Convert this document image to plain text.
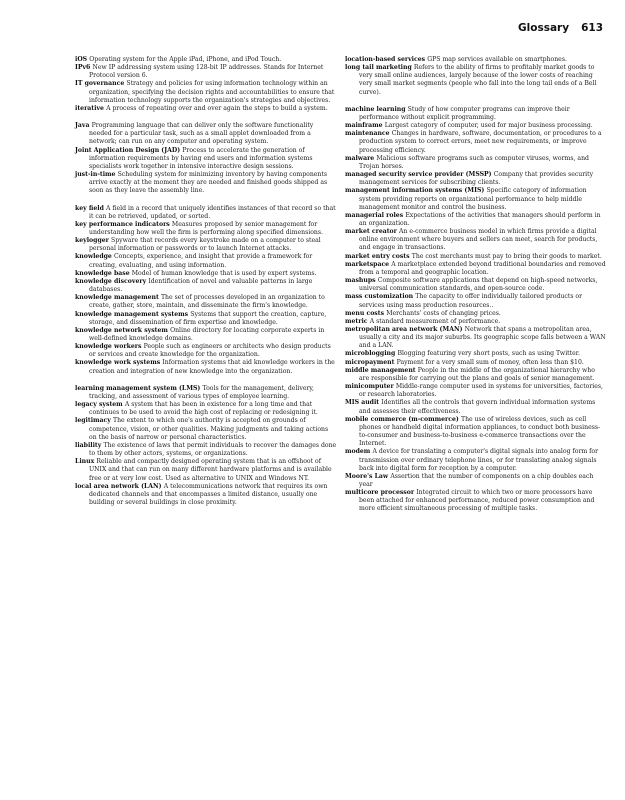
Glossary 613

iOS Operating system for the Apple iPad, iPhone, and iPod Touch.

IPv6 New IP addressing system using 128-bit IP addresses. Stands for Internet Protocol version 6.

IT governance Strategy and policies for using information technology within an organization, specifying the decision rights and accountabilities to ensure that information technology supports the organization's strategies and objectives.

iterative A process of repeating over and over again the steps to build a system.

Java Programming language that can deliver only the software functionality needed for a particular task, such as a small applet downloaded from a network; can run on any computer and operating system.

Joint Application Design (JAD) Process to accelerate the generation of information requirements by having end users and information systems specialists work together in intensive interactive design sessions.

just-in-time Scheduling system for minimizing inventory by having components arrive exactly at the moment they are needed and finished goods shipped as soon as they leave the assembly line.

key field A field in a record that uniquely identifies instances of that record so that it can be retrieved, updated, or sorted.

key performance indicators Measures proposed by senior management for understanding how well the firm is performing along specified dimensions.

keylogger Spyware that records every keystroke made on a computer to steal personal information or passwords or to launch Internet attacks.

knowledge Concepts, experience, and insight that provide a framework for creating, evaluating, and using information.

knowledge base Model of human knowledge that is used by expert systems.

knowledge discovery Identification of novel and valuable patterns in large databases.

knowledge management The set of processes developed in an organization to create, gather, store, maintain, and disseminate the firm's knowledge.

knowledge management systems Systems that support the creation, capture, storage, and dissemination of firm expertise and knowledge.

knowledge network system Online directory for locating corporate experts in well-defined knowledge domains.

knowledge workers People such as engineers or architects who design products or services and create knowledge for the organization.

knowledge work systems Information systems that aid knowledge workers in the creation and integration of new knowledge into the organization.

learning management system (LMS) Tools for the management, delivery, tracking, and assessment of various types of employee learning.

legacy system A system that has been in existence for a long time and that continues to be used to avoid the high cost of replacing or redesigning it.

legitimacy The extent to which one's authority is accepted on grounds of competence, vision, or other qualities. Making judgments and taking actions on the basis of narrow or personal characteristics.

liability The existence of laws that permit individuals to recover the damages done to them by other actors, systems, or organizations.

Linux Reliable and compactly designed operating system that is an offshoot of UNIX and that can run on many different hardware platforms and is available free or at very low cost. Used as alternative to UNIX and Windows NT.

local area network (LAN) A telecommunications network that requires its own dedicated channels and that encompasses a limited distance, usually one building or several buildings in close proximity.

location-based services GPS map services available on smartphones.

long tail marketing Refers to the ability of firms to profitably market goods to very small online audiences, largely because of the lower costs of reaching very small market segments (people who fall into the long tail ends of a Bell curve).

machine learning Study of how computer programs can improve their performance without explicit programming.

mainframe Largest category of computer, used for major business processing.

maintenance Changes in hardware, software, documentation, or procedures to a production system to correct errors, meet new requirements, or improve processing efficiency.

malware Malicious software programs such as computer viruses, worms, and Trojan horses.

managed security service provider (MSSP) Company that provides security management services for subscribing clients.

management information systems (MIS) Specific category of information system providing reports on organizational performance to help middle management monitor and control the business.

managerial roles Expectations of the activities that managers should perform in an organization.

market creator An e-commerce business model in which firms provide a digital online environment where buyers and sellers can meet, search for products, and engage in transactions.

market entry costs The cost merchants must pay to bring their goods to market.

marketspace A marketplace extended beyond traditional boundaries and removed from a temporal and geographic location.

mashups Composite software applications that depend on high-speed networks, universal communication standards, and open-source code.

mass customization The capacity to offer individually tailored products or services using mass production resources..

menu costs Merchants' costs of changing prices.

metric A standard measurement of performance.

metropolitan area network (MAN) Network that spans a metropolitan area, usually a city and its major suburbs. Its geographic scope falls between a WAN and a LAN.

microblogging Blogging featuring very short posts, such as using Twitter.

micropayment Payment for a very small sum of money, often less than $10.

middle management People in the middle of the organizational hierarchy who are responsible for carrying out the plans and goals of senior management.

minicomputer Middle-range computer used in systems for universities, factories, or research laboratories.

MIS audit Identifies all the controls that govern individual information systems and assesses their effectiveness.

mobile commerce (m-commerce) The use of wireless devices, such as cell phones or handheld digital information appliances, to conduct both business-to-consumer and business-to-business e-commerce transactions over the Internet.

modem A device for translating a computer's digital signals into analog form for transmission over ordinary telephone lines, or for translating analog signals back into digital form for reception by a computer.

Moore's Law Assertion that the number of components on a chip doubles each year

multicore processor Integrated circuit to which two or more processors have been attached for enhanced performance, reduced power consumption and more efficient simultaneous processing of multiple tasks.
